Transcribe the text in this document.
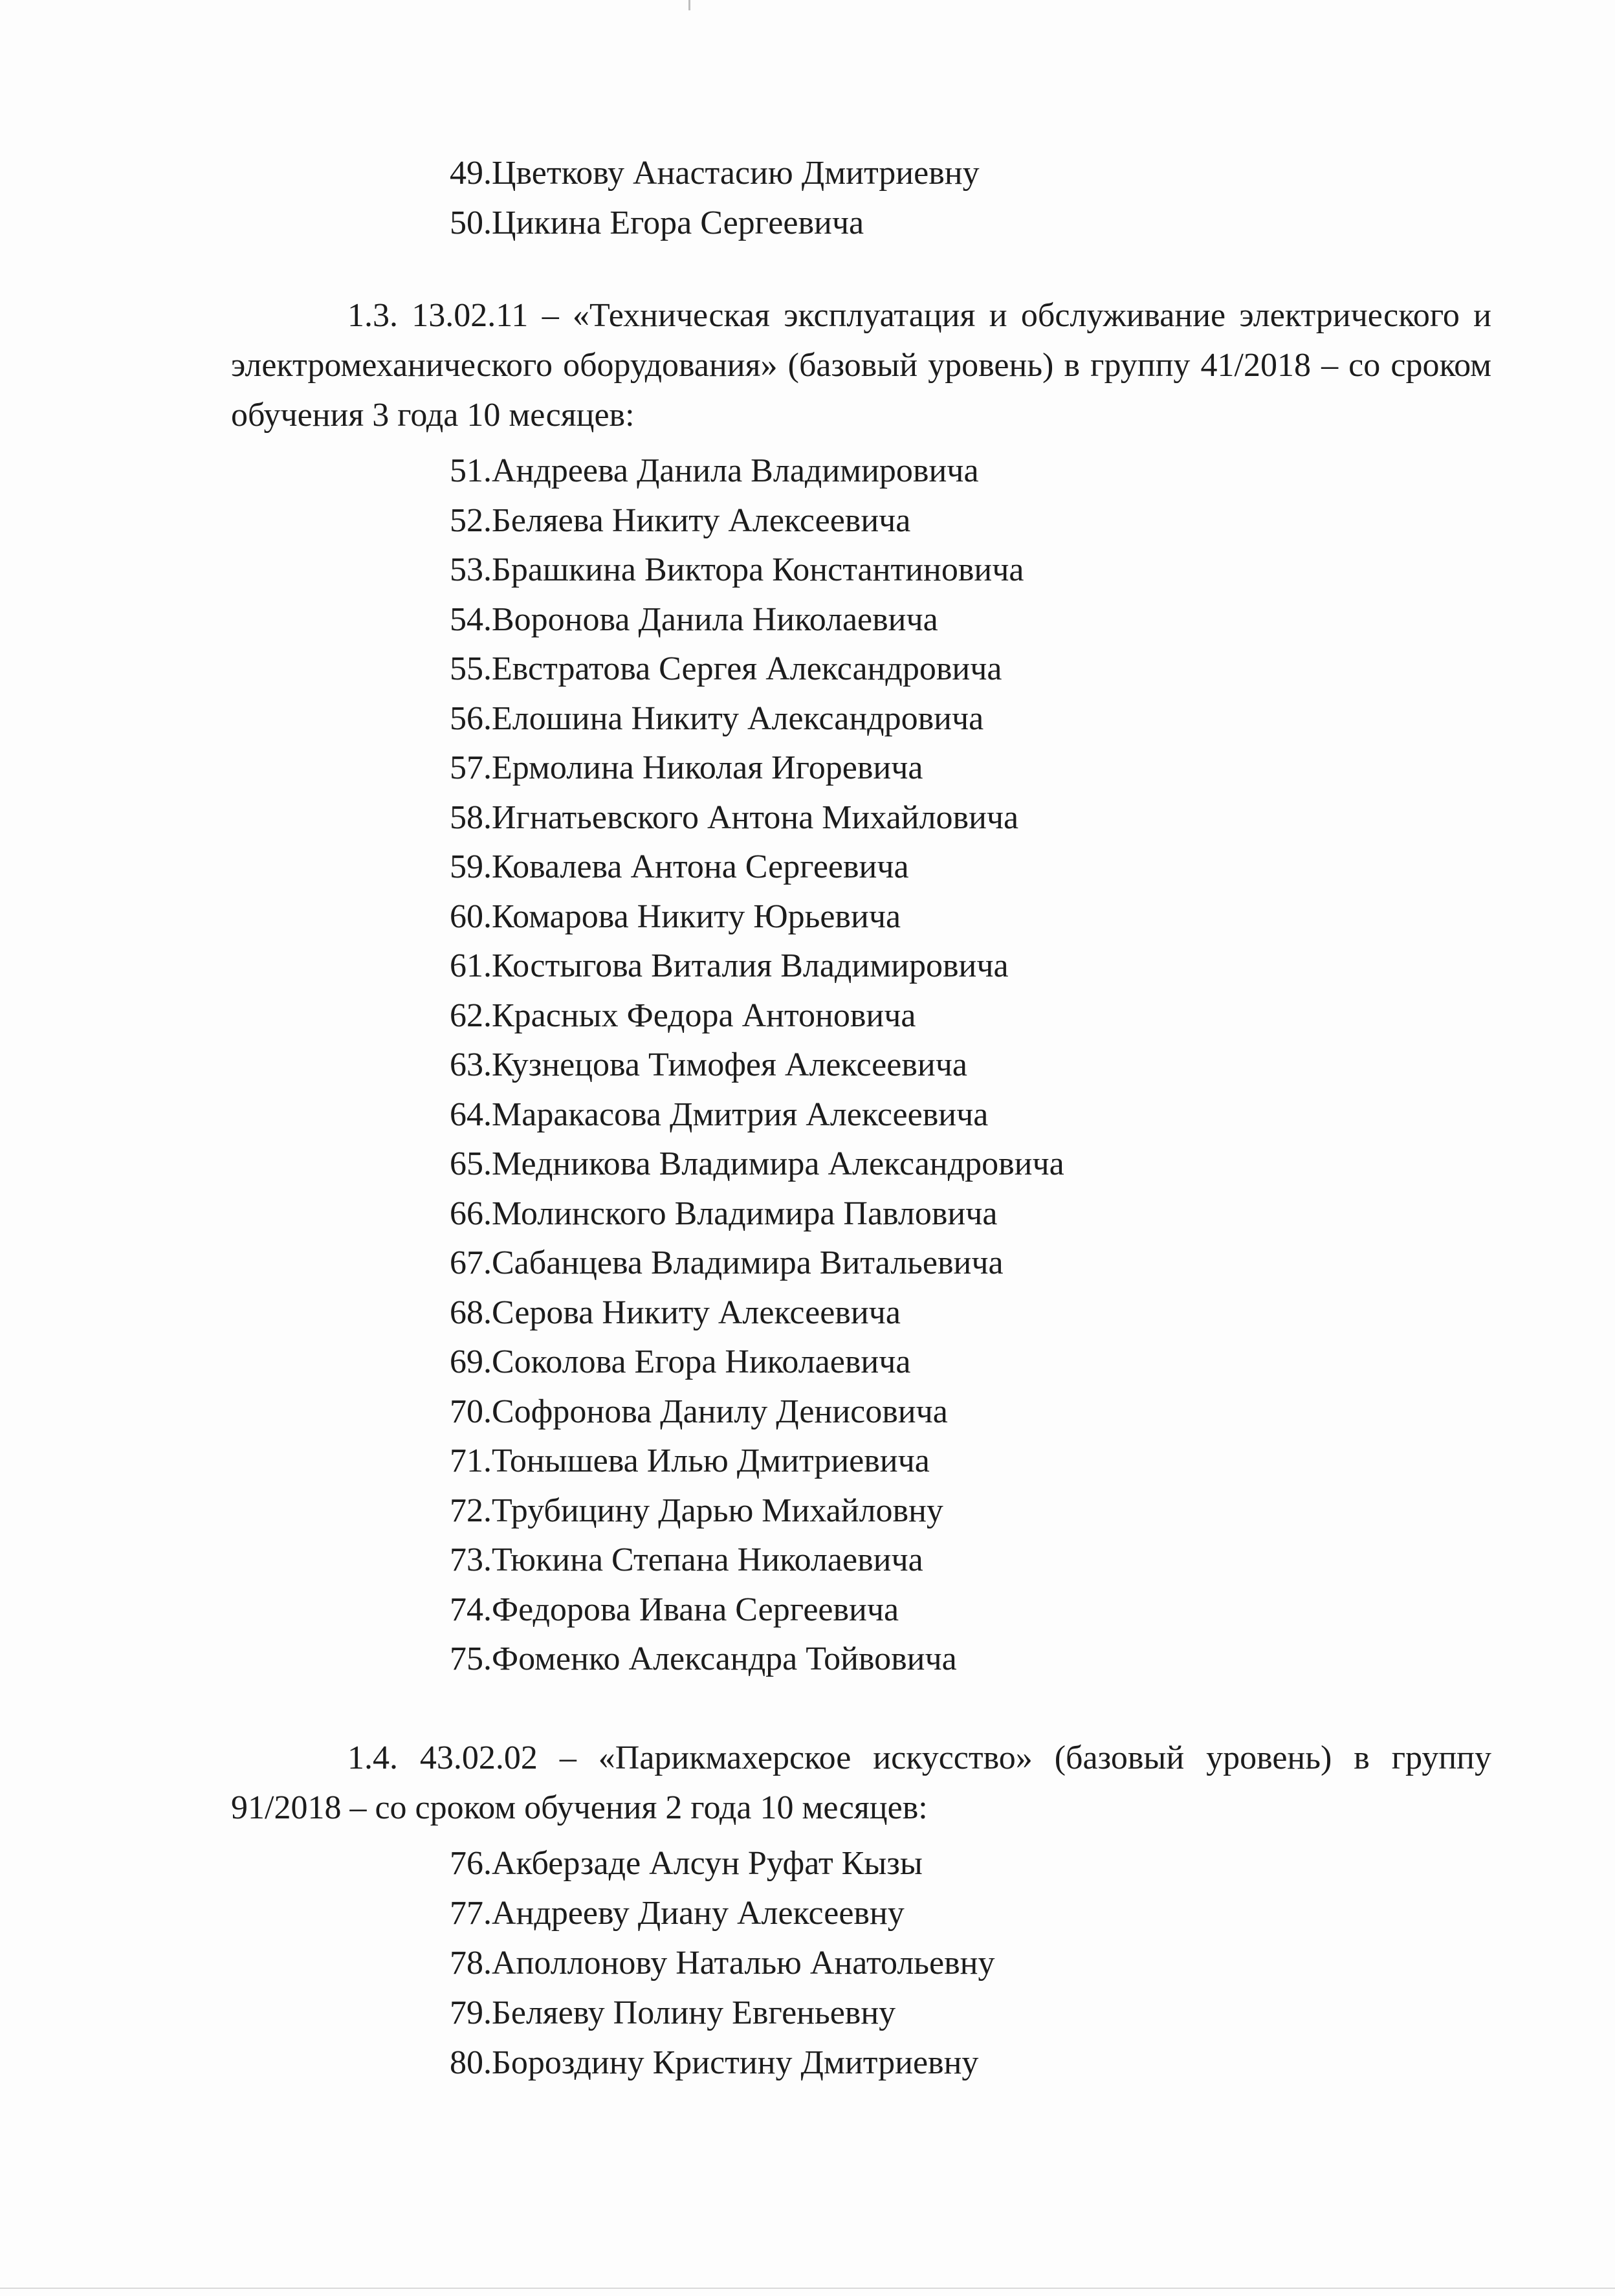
49. Цветкову Анастасию Дмитриевну
50. Цикина Егора Сергеевича

1.3. 13.02.11 – «Техническая эксплуатация и обслуживание электрического и электромеханического оборудования» (базовый уровень) в группу 41/2018 – со сроком обучения 3 года 10 месяцев:

51. Андреева Данила Владимировича
52. Беляева Никиту Алексеевича
53. Брашкина Виктора Константиновича
54. Воронова Данила Николаевича
55. Евстратова Сергея Александровича
56. Елошина Никиту Александровича
57. Ермолина Николая Игоревича
58. Игнатьевского Антона Михайловича
59. Ковалева Антона Сергеевича
60. Комарова Никиту Юрьевича
61. Костыгова Виталия Владимировича
62. Красных Федора Антоновича
63. Кузнецова Тимофея Алексеевича
64. Маракасова Дмитрия Алексеевича
65. Медникова Владимира Александровича
66. Молинского Владимира Павловича
67. Сабанцева Владимира Витальевича
68. Серова Никиту Алексеевича
69. Соколова Егора Николаевича
70. Софронова Данилу Денисовича
71. Тонышева Илью Дмитриевича
72. Трубицину Дарью Михайловну
73. Тюкина Степана Николаевича
74. Федорова Ивана Сергеевича
75. Фоменко Александра Тойвовича

1.4. 43.02.02 – «Парикмахерское искусство» (базовый уровень) в группу 91/2018 – со сроком обучения 2 года 10 месяцев:

76. Акберзаде Алсун Руфат Кызы
77. Андрееву Диану Алексеевну
78. Аполлонову Наталью Анатольевну
79. Беляеву Полину Евгеньевну
80. Бороздину Кристину Дмитриевну
